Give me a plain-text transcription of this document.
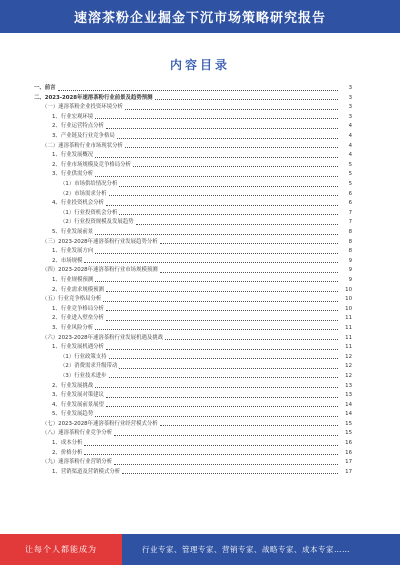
速溶茶粉企业掘金下沉市场策略研究报告
内容目录
一、前言	3
二、2023-2028年速溶茶粉行业前景及趋势预测	3
（一）速溶茶粉企业投资环境分析	3
1、行业宏观环境	3
2、行业运营特点分析	4
3、产业链及行业竞争格局	4
（二）速溶茶粉行业市场现状分析	4
1、行业发展概况	4
2、行业市场规模及竞争格局分析	5
3、行业供需分析	5
（1）市场供给情况分析	5
（2）市场需求分析	6
4、行业投资机会分析	6
（1）行业投资机会分析	7
（2）行业投资规模及发展趋势	7
5、行业发展前景	8
（三）2023-2028年速溶茶粉行业发展趋势分析	8
1、行业发展方向	8
2、市场规模	9
（四）2023-2028年速溶茶粉行业市场规模预测	9
1、行业规模预测	9
2、行业需求规模预测	10
（五）行业竞争格局分析	10
1、行业竞争格局分析	10
2、行业进入壁垒分析	11
3、行业风险分析	11
（六）2023-2028年速溶茶粉行业发展机遇及挑战	11
1、行业发展机遇分析	11
（1）行业政策支持	12
（2）消费需求升级带动	12
（3）行业技术进步	12
2、行业发展挑战	13
3、行业发展对策建议	13
4、行业发展前景展望	14
5、行业发展趋势	14
（七）2023-2028年速溶茶粉行业经营模式分析	15
（八）速溶茶粉行业竞争分析	15
1、成本分析	16
2、价格分析	16
（九）速溶茶粉行业营销分析	17
1、营销渠道及营销模式分析	17
让每个人都能成为	行业专家、管理专家、营销专家、战略专家、成本专家……
